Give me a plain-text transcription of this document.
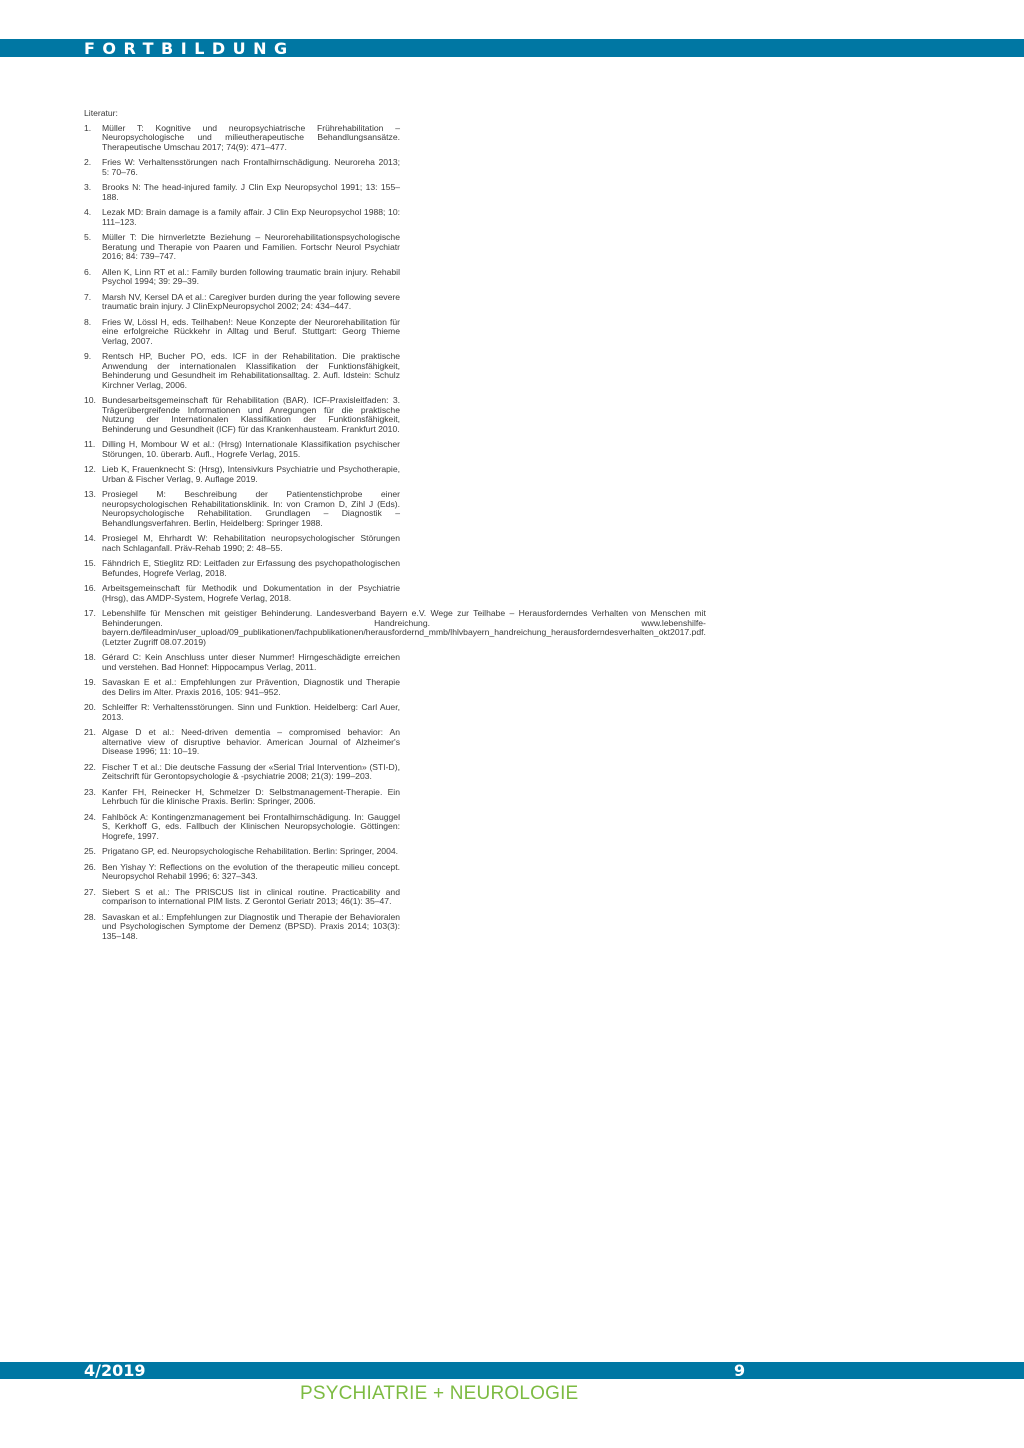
FORTBILDUNG
Literatur:
1.	Müller T: Kognitive und neuropsychiatrische Frührehabilitation – Neuropsychologische und milieutherapeutische Behandlungsansätze. Therapeutische Umschau 2017; 74(9): 471–477.
2.	Fries W: Verhaltensstörungen nach Frontalhirnschädigung. Neuroreha 2013; 5: 70–76.
3.	Brooks N: The head-injured family. J Clin Exp Neuropsychol 1991; 13: 155–188.
4.	Lezak MD: Brain damage is a family affair. J Clin Exp Neuropsychol 1988; 10: 111–123.
5.	Müller T: Die hirnverletzte Beziehung – Neurorehabilitationspsychologische Beratung und Therapie von Paaren und Familien. Fortschr Neurol Psychiatr 2016; 84: 739–747.
6.	Allen K, Linn RT et al.: Family burden following traumatic brain injury. Rehabil Psychol 1994; 39: 29–39.
7.	Marsh NV, Kersel DA et al.: Caregiver burden during the year following severe traumatic brain injury. J ClinExpNeuropsychol 2002; 24: 434–447.
8.	Fries W, Lössl H, eds. Teilhaben!: Neue Konzepte der Neurorehabilitation für eine erfolgreiche Rückkehr in Alltag und Beruf. Stuttgart: Georg Thieme Verlag, 2007.
9.	Rentsch HP, Bucher PO, eds. ICF in der Rehabilitation. Die praktische Anwendung der internationalen Klassifikation der Funktionsfähigkeit, Behinderung und Gesundheit im Rehabilitationsalltag. 2. Aufl. Idstein: Schulz Kirchner Verlag, 2006.
10. Bundesarbeitsgemeinschaft für Rehabilitation (BAR). ICF-Praxisleitfaden: 3. Trägerübergreifende Informationen und Anregungen für die praktische Nutzung der Internationalen Klassifikation der Funktionsfähigkeit, Behinderung und Gesundheit (ICF) für das Krankenhausteam. Frankfurt 2010.
11. Dilling H, Mombour W et al.: (Hrsg) Internationale Klassifikation psychischer Störungen, 10. überarb. Aufl., Hogrefe Verlag, 2015.
12. Lieb K, Frauenknecht S: (Hrsg), Intensivkurs Psychiatrie und Psychotherapie, Urban & Fischer Verlag, 9. Auflage 2019.
13. Prosiegel M: Beschreibung der Patientenstichprobe einer neuropsychologischen Rehabilitationsklinik. In: von Cramon D, Zihl J (Eds). Neuropsychologische Rehabilitation. Grundlagen – Diagnostik – Behandlungsverfahren. Berlin, Heidelberg: Springer 1988.
14. Prosiegel M, Ehrhardt W: Rehabilitation neuropsychologischer Störungen nach Schlaganfall. Präv-Rehab 1990; 2: 48–55.
15. Fähndrich E, Stieglitz RD: Leitfaden zur Erfassung des psychopathologischen Befundes, Hogrefe Verlag, 2018.
16. Arbeitsgemeinschaft für Methodik und Dokumentation in der Psychiatrie (Hrsg), das AMDP-System, Hogrefe Verlag, 2018.
17. Lebenshilfe für Menschen mit geistiger Behinderung. Landesverband Bayern e.V. Wege zur Teilhabe – Herausforderndes Verhalten von Menschen mit Behinderungen. Handreichung. www.lebenshilfe-bayern.de/fileadmin/user_upload/09_publikationen/fachpublikationen/herausfordernd_mmb/lhlvbayern_handreichung_herausforderndesverhalten_okt2017.pdf. (Letzter Zugriff 08.07.2019)
18. Gérard C: Kein Anschluss unter dieser Nummer! Hirngeschädigte erreichen und verstehen. Bad Honnef: Hippocampus Verlag, 2011.
19. Savaskan E et al.: Empfehlungen zur Prävention, Diagnostik und Therapie des Delirs im Alter. Praxis 2016, 105: 941–952.
20. Schleiffer R: Verhaltensstörungen. Sinn und Funktion. Heidelberg: Carl Auer, 2013.
21. Algase D et al.: Need-driven dementia – compromised behavior: An alternative view of disruptive behavior. American Journal of Alzheimer's Disease 1996; 11: 10–19.
22. Fischer T et al.: Die deutsche Fassung der «Serial Trial Intervention» (STI-D), Zeitschrift für Gerontopsychologie & -psychiatrie 2008; 21(3): 199–203.
23. Kanfer FH, Reinecker H, Schmelzer D: Selbstmanagement-Therapie. Ein Lehrbuch für die klinische Praxis. Berlin: Springer, 2006.
24. Fahlböck A: Kontingenzmanagement bei Frontalhirnschädigung. In: Gauggel S, Kerkhoff G, eds. Fallbuch der Klinischen Neuropsychologie. Göttingen: Hogrefe, 1997.
25. Prigatano GP, ed. Neuropsychologische Rehabilitation. Berlin: Springer, 2004.
26. Ben Yishay Y: Reflections on the evolution of the therapeutic milieu concept. Neuropsychol Rehabil 1996; 6: 327–343.
27. Siebert S et al.: The PRISCUS list in clinical routine. Practicability and comparison to international PIM lists. Z Gerontol Geriatr 2013; 46(1): 35–47.
28. Savaskan et al.: Empfehlungen zur Diagnostik und Therapie der Behavioralen und Psychologischen Symptome der Demenz (BPSD). Praxis 2014; 103(3): 135–148.
4/2019	9
PSYCHIATRIE + NEUROLOGIE
